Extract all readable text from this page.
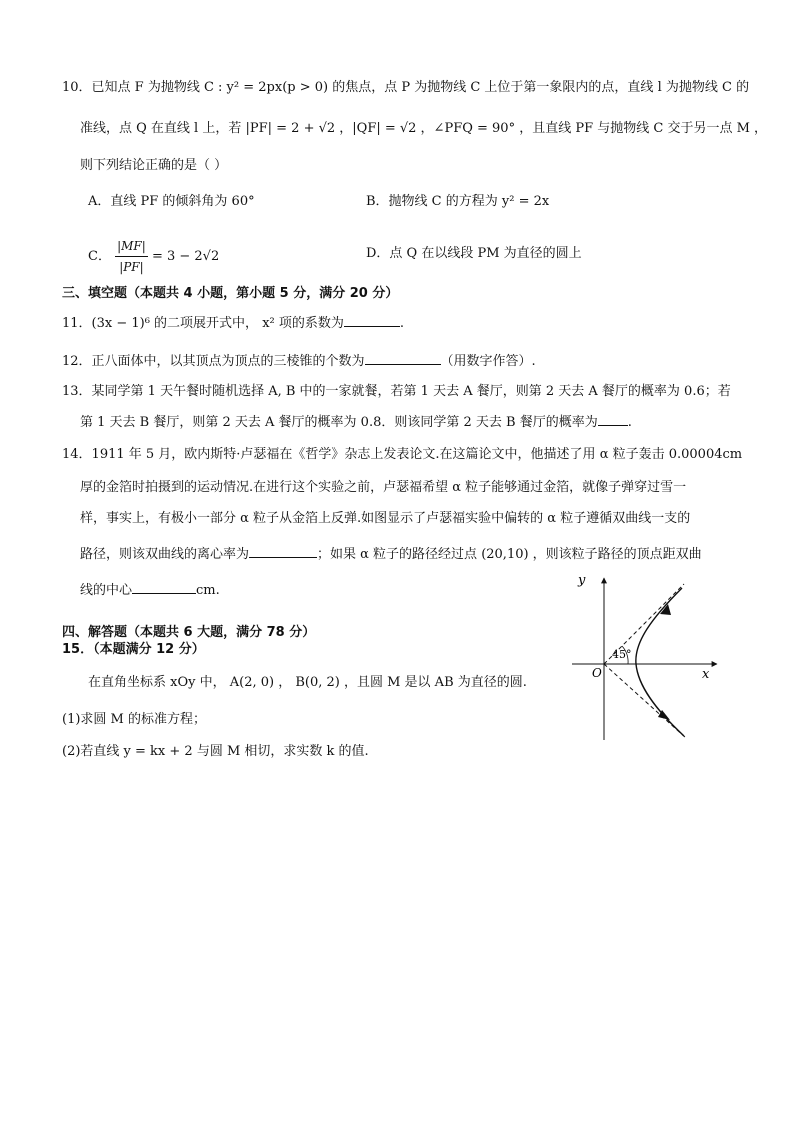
10．已知点 F 为抛物线 C : y² = 2px(p > 0) 的焦点，点 P 为抛物线 C 上位于第一象限内的点，直线 l 为抛物线 C 的
准线，点 Q 在直线 l 上，若 |PF| = 2 + √2 ，|QF| = √2 ，∠PFQ = 90° ，且直线 PF 与抛物线 C 交于另一点 M ，
则下列结论正确的是（ ）
A．直线 PF 的倾斜角为 60°	B．抛物线 C 的方程为 y² = 2x
C． $\frac{|MF|}{|PF|} = 3 - 2√2$	D．点 Q 在以线段 PM 为直径的圆上
三、填空题（本题共 4 小题，第小题 5 分，满分 20 分）
11．(3x − 1)⁶ 的二项展开式中， x² 项的系数为	.
12．正八面体中，以其顶点为顶点的三棱锥的个数为	（用数字作答）.
13．某同学第 1 天午餐时随机选择 A, B 中的一家就餐，若第 1 天去 A 餐厅，则第 2 天去 A 餐厅的概率为 0.6；若
第 1 天去 B 餐厅，则第 2 天去 A 餐厅的概率为 0.8．则该同学第 2 天去 B 餐厅的概率为 .
14．1911 年 5 月，欧内斯特·卢瑟福在《哲学》杂志上发表论文.在这篇论文中，他描述了用 α 粒子轰击 0.00004cm
厚的金箔时拍摄到的运动情况.在进行这个实验之前，卢瑟福希望 α 粒子能够通过金箔，就像子弹穿过雪一
样，事实上，有极小一部分 α 粒子从金箔上反弹.如图显示了卢瑟福实验中偏转的 α 粒子遵循双曲线一支的
路径，则该双曲线的离心率为	；如果 α 粒子的路径经过点 (20,10) ，则该粒子路径的顶点距双曲
线的中心	cm.
y
x
O
45°
四、解答题（本题共 6 大题，满分 78 分）
15．（本题满分 12 分）
在直角坐标系 xOy 中， A(2, 0) ， B(0, 2) ，且圆 M 是以 AB 为直径的圆.
(1)求圆 M 的标准方程；
(2)若直线 y = kx + 2 与圆 M 相切，求实数 k 的值.
